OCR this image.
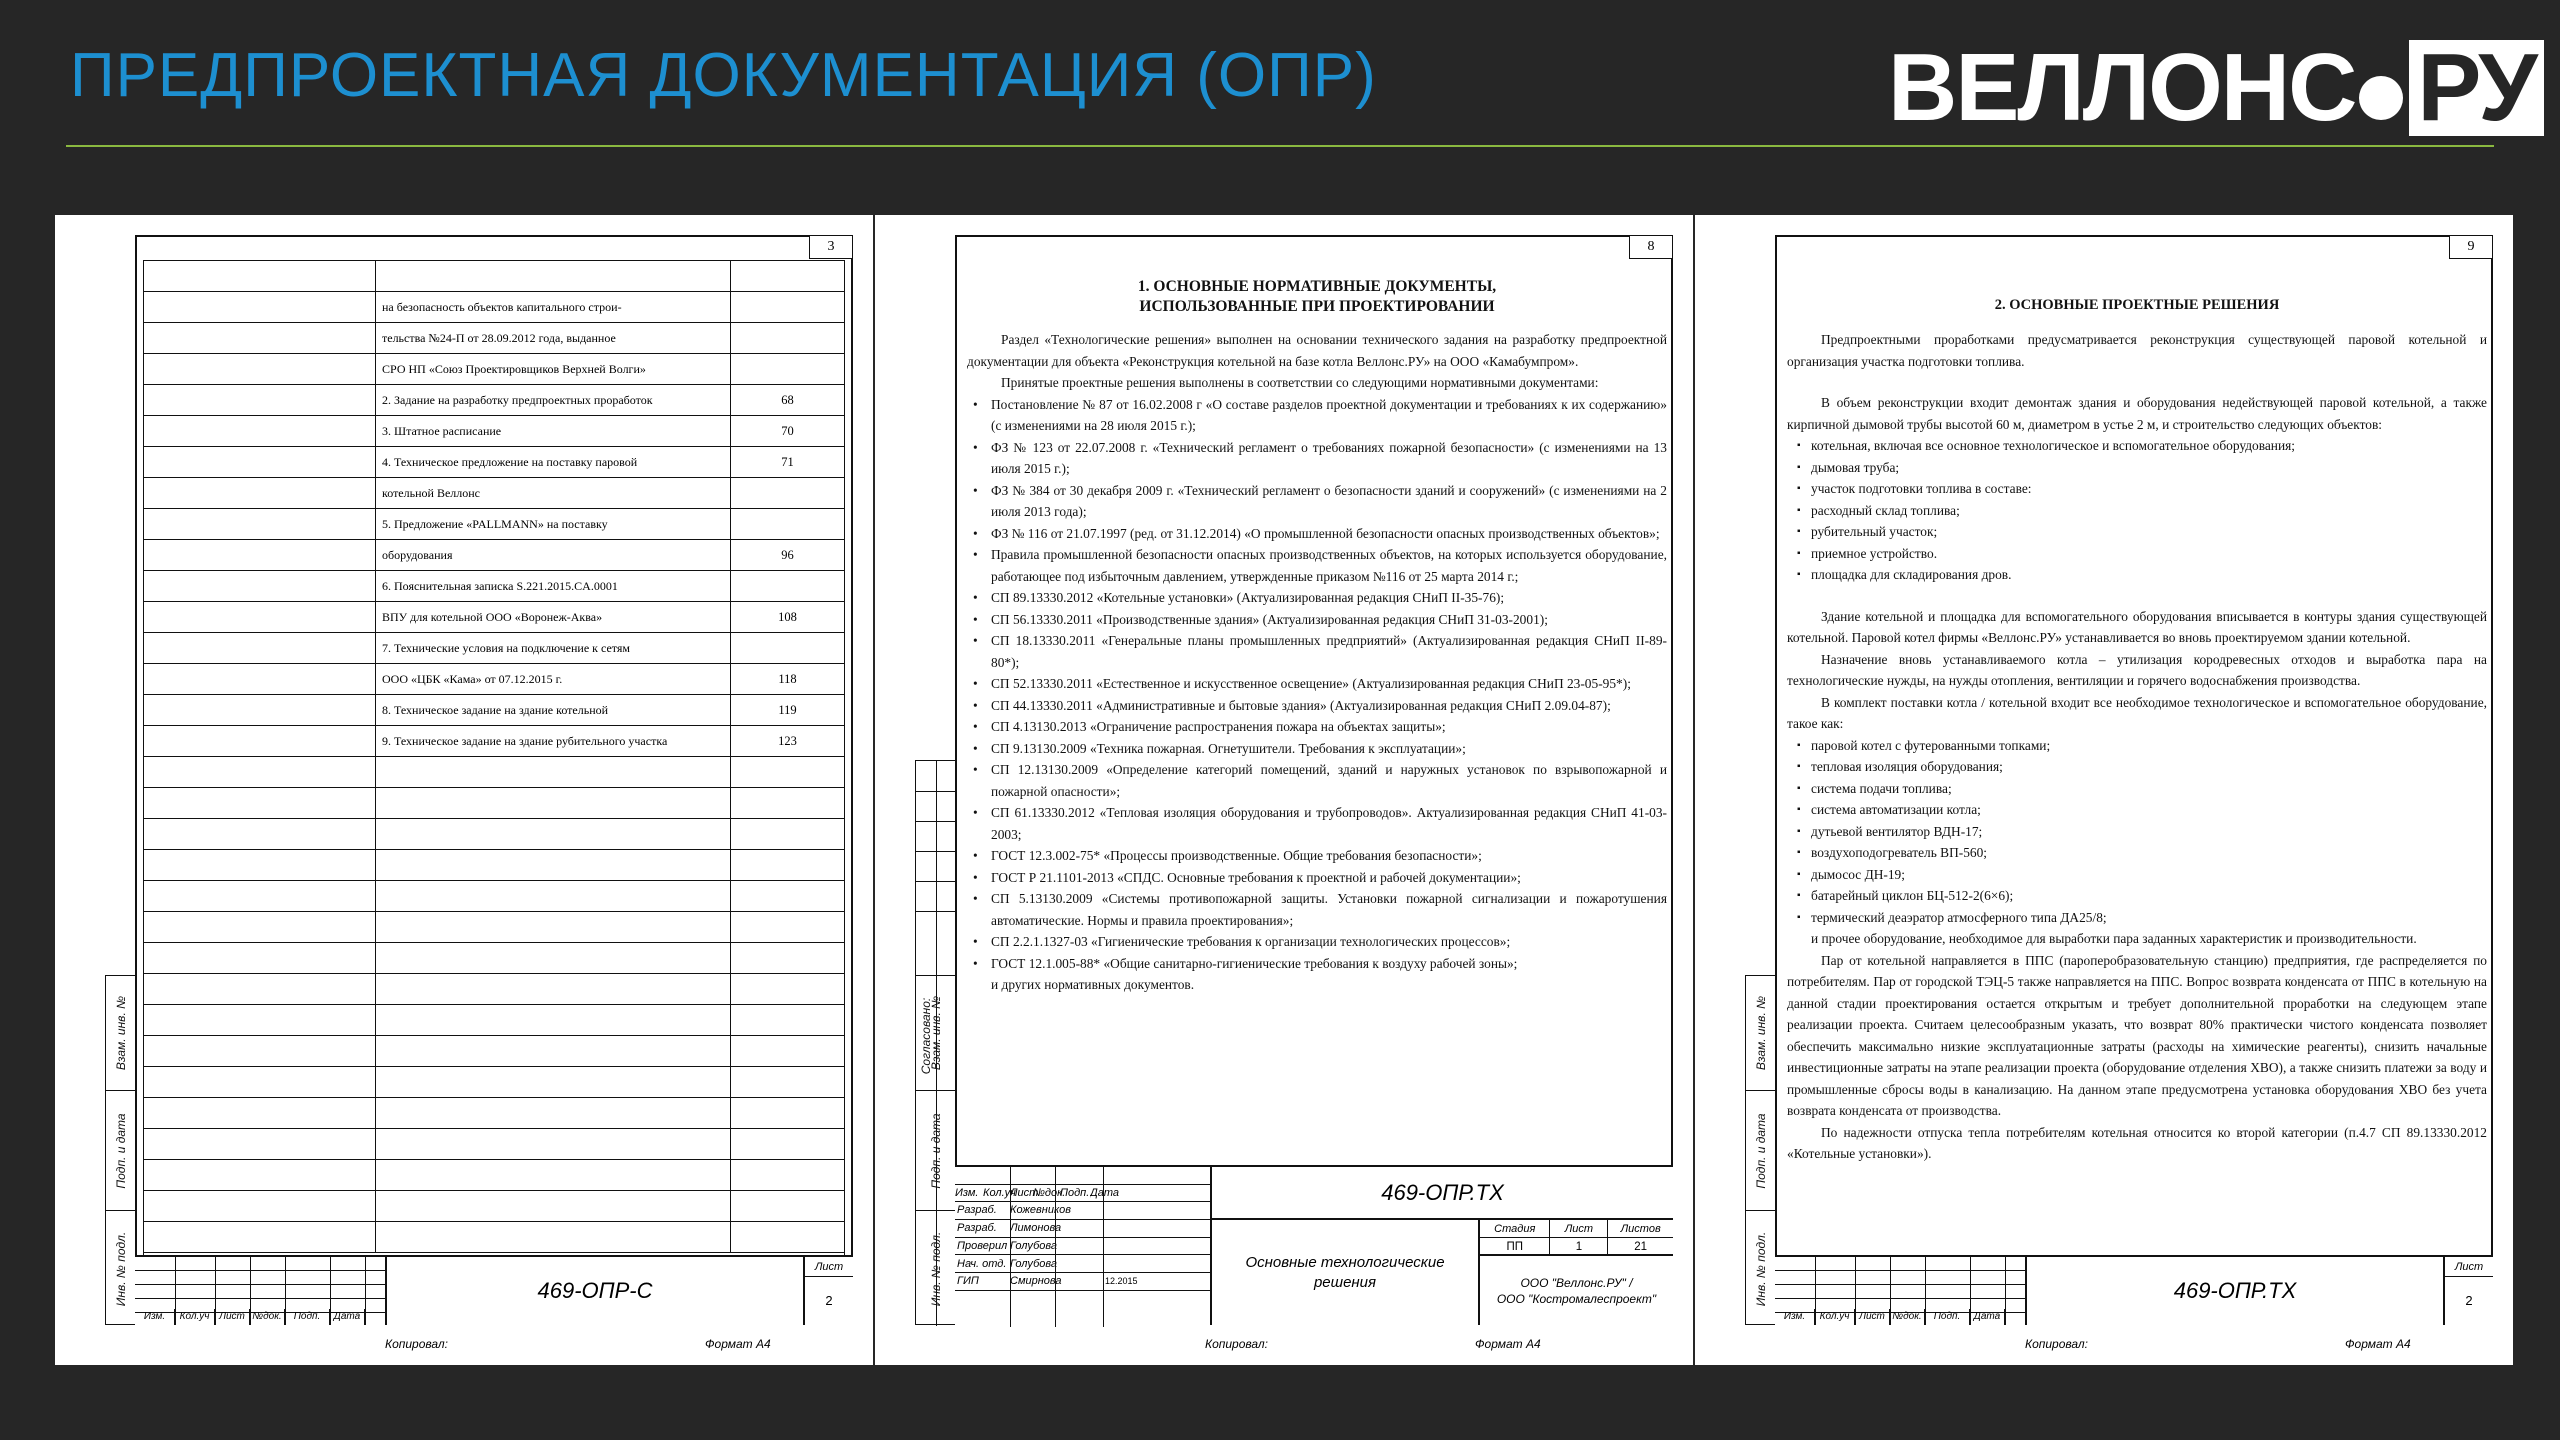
ПРЕДПРОЕКТНАЯ ДОКУМЕНТАЦИЯ (ОПР)	ВЕЛЛОНС РУ
3
на безопасность объектов капитального строи-
тельства №24-П от 28.09.2012 года, выданное
СРО НП «Союз Проектировщиков Верхней Волги»
2. Задание на разработку предпроектных проработок	68
3. Штатное расписание	70
4. Техническое предложение на поставку паровой	71
котельной Веллонс
5. Предложение «PALLMANN» на поставку
оборудования	96
6. Пояснительная записка S.221.2015.CA.0001
ВПУ для котельной ООО «Воронеж-Аква»	108
7. Технические условия на подключение к сетям
ООО «ЦБК «Кама» от 07.12.2015 г.	118
8. Техническое задание на здание котельной	119
9. Техническое задание на здание рубительного участка	123
Взам. инв. №
Подп. и дата
Инв. № подл.
Изм.	Кол.уч Лист №док.	Подп.	Дата
469-ОПР-С
Лист
2
Копировал:	Формат А4
8
1. ОСНОВНЫЕ НОРМАТИВНЫЕ ДОКУМЕНТЫ,
ИСПОЛЬЗОВАННЫЕ ПРИ ПРОЕКТИРОВАНИИ

Раздел «Технологические решения» выполнен на основании технического задания на разработку предпроектной документации для объекта «Реконструкция котельной на базе котла Веллонс.РУ» на ООО «Камабумпром».

Принятые проектные решения выполнены в соответствии со следующими нормативными документами:

• Постановление № 87 от 16.02.2008 г «О составе разделов проектной документации и требованиях к их содержанию» (с изменениями на 28 июля 2015 г.);
• ФЗ № 123 от 22.07.2008 г. «Технический регламент о требованиях пожарной безопасности» (с изменениями на 13 июля 2015 г.);
• ФЗ № 384 от 30 декабря 2009 г. «Технический регламент о безопасности зданий и сооружений» (с изменениями на 2 июля 2013 года);
• ФЗ № 116 от 21.07.1997 (ред. от 31.12.2014) «О промышленной безопасности опасных производственных объектов»;
• Правила промышленной безопасности опасных производственных объектов, на которых используется оборудование, работающее под избыточным давлением, утвержденные приказом №116 от 25 марта 2014 г.;
• СП 89.13330.2012 «Котельные установки» (Актуализированная редакция СНиП II-35-76);
• СП 56.13330.2011 «Производственные здания» (Актуализированная редакция СНиП 31-03-2001);
• СП 18.13330.2011 «Генеральные планы промышленных предприятий» (Актуализированная редакция СНиП II-89-80*);
• СП 52.13330.2011 «Естественное и искусственное освещение» (Актуализированная редакция СНиП 23-05-95*);
• СП 44.13330.2011 «Административные и бытовые здания» (Актуализированная редакция СНиП 2.09.04-87);
• СП 4.13130.2013 «Ограничение распространения пожара на объектах защиты»;
• СП 9.13130.2009 «Техника пожарная. Огнетушители. Требования к эксплуатации»;
• СП 12.13130.2009 «Определение категорий помещений, зданий и наружных установок по взрывопожарной и пожарной опасности»;
• СП 61.13330.2012 «Тепловая изоляция оборудования и трубопроводов». Актуализированная редакция СНиП 41-03-2003;
• ГОСТ 12.3.002-75* «Процессы производственные. Общие требования безопасности»;
• ГОСТ Р 21.1101-2013 «СПДС. Основные требования к проектной и рабочей документации»;
• СП 5.13130.2009 «Системы противопожарной защиты. Установки пожарной сигнализации и пожаротушения автоматические. Нормы и правила проектирования»;
• СП 2.2.1.1327-03 «Гигиенические требования к организации технологических процессов»;
• ГОСТ 12.1.005-88* «Общие санитарно-гигиенические требования к воздуху рабочей зоны»;
и других нормативных документов.
Согласовано:
Взам. инв. №
Подп. и дата
Инв. № подл.
Изм. Кол.уч
Лист
№док.
Подп. Дата
Разраб. Кожевников
Разраб. Лимонова
Проверил Голубова
Нач. отд. Голубова
ГИП	Смирнова	12.2015
469-ОПР.ТХ
Основные технологические решения
Стадия
ПП
Лист
1
Листов
21
ООО "Веллонс.РУ" /
ООО "Костромалеспроект"
Копировал:	Формат А4
9
2. ОСНОВНЫЕ ПРОЕКТНЫЕ РЕШЕНИЯ

Предпроектными проработками предусматривается реконструкция существующей паровой котельной и организация участка подготовки топлива.

В объем реконструкции входит демонтаж здания и оборудования недействующей паровой котельной, а также кирпичной дымовой трубы высотой 60 м, диаметром в устье 2 м, и строительство следующих объектов:

▪ котельная, включая все основное технологическое и вспомогательное оборудования;
▪ дымовая труба;
▪ участок подготовки топлива в составе:
▪ расходный склад топлива;
▪ рубительный участок;
▪ приемное устройство.
▪ площадка для складирования дров.

Здание котельной и площадка для вспомогательного оборудования вписывается в контуры здания существующей котельной. Паровой котел фирмы «Веллонс.РУ» устанавливается во вновь проектируемом здании котельной.

Назначение вновь устанавливаемого котла – утилизация кородревесных отходов и выработка пара на технологические нужды, на нужды отопления, вентиляции и горячего водоснабжения производства.

В комплект поставки котла / котельной входит все необходимое технологическое и вспомогательное оборудование, такое как:

▪ паровой котел с футерованными топками;
▪ тепловая изоляция оборудования;
▪ система подачи топлива;
▪ система автоматизации котла;
▪ дутьевой вентилятор ВДН-17;
▪ воздухоподогреватель ВП-560;
▪ дымосос ДН-19;
▪ батарейный циклон БЦ-512-2(6×6);
▪ термический деаэратор атмосферного типа ДА25/8;
и прочее оборудование, необходимое для выработки пара заданных характеристик и производительности.

Пар от котельной направляется в ППС (пароперобразовательную станцию) предприятия, где распределяется по потребителям. Пар от городской ТЭЦ-5 также направляется на ППС. Вопрос возврата конденсата от ППС в котельную на данной стадии проектирования остается открытым и требует дополнительной проработки на следующем этапе реализации проекта. Считаем целесообразным указать, что возврат 80% практически чистого конденсата позволяет обеспечить максимально низкие эксплуатационные затраты (расходы на химические реагенты), снизить начальные инвестиционные затраты на этапе реализации проекта (оборудование отделения ХВО), а также снизить платежи за воду и промышленные сбросы воды в канализацию. На данном этапе предусмотрена установка оборудования ХВО без учета возврата конденсата от производства.

По надежности отпуска тепла потребителям котельная относится ко второй категории (п.4.7 СП 89.13330.2012 «Котельные установки»).

Взам. инв. №
Подп. и дата
Инв. № подл.
Изм.	Кол.уч Лист №док.	Подп.	Дата
469-ОПР.ТХ
Лист
2
Копировал:	Формат А4
